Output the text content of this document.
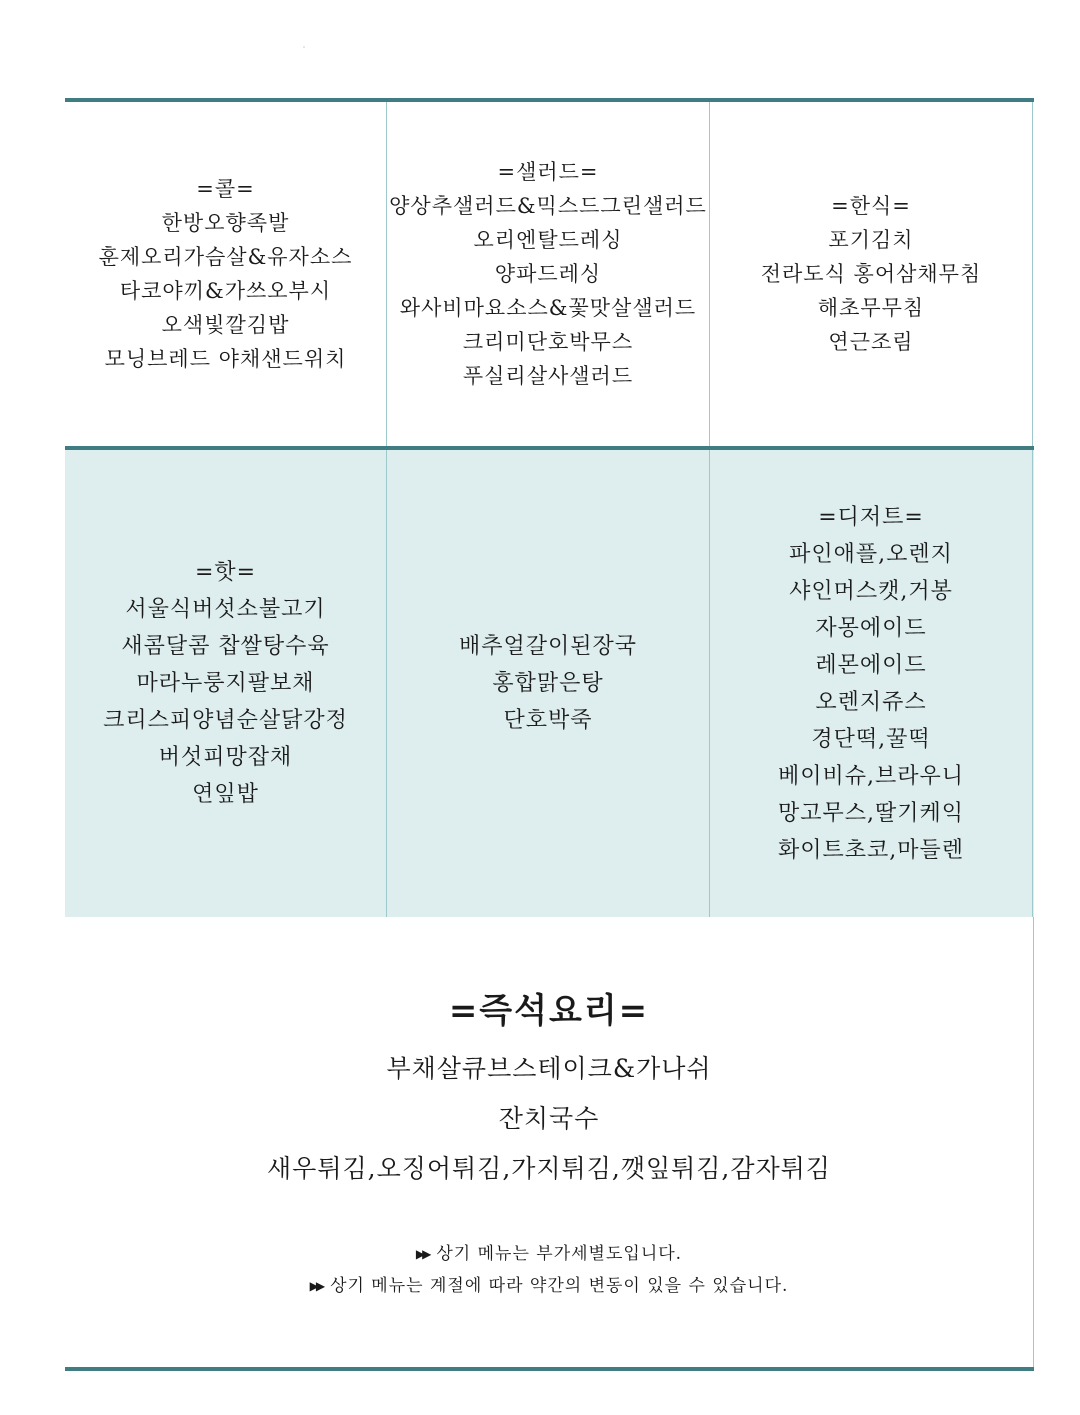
=콜=
한방오향족발
훈제오리가슴살&유자소스
타코야끼&가쓰오부시
오색빛깔김밥
모닝브레드 야채샌드위치
=샐러드=
양상추샐러드&믹스드그린샐러드
오리엔탈드레싱
양파드레싱
와사비마요소스&꽃맛살샐러드
크리미단호박무스
푸실리살사샐러드
=한식=
포기김치
전라도식 홍어삼채무침
해초무무침
연근조림
=핫=
서울식버섯소불고기
새콤달콤 찹쌀탕수육
마라누룽지팔보채
크리스피양념순살닭강정
버섯피망잡채
연잎밥
배추얼갈이된장국
홍합맑은탕
단호박죽
=디저트=
파인애플,오렌지
샤인머스캣,거봉
자몽에이드
레몬에이드
오렌지쥬스
경단떡,꿀떡
베이비슈,브라우니
망고무스,딸기케익
화이트초코,마들렌
=즉석요리=
부채살큐브스테이크&가나쉬
잔치국수
새우튀김,오징어튀김,가지튀김,깻잎튀김,감자튀김
▶▶ 상기 메뉴는 부가세별도입니다.
▶▶ 상기 메뉴는 계절에 따라 약간의 변동이 있을 수 있습니다.
